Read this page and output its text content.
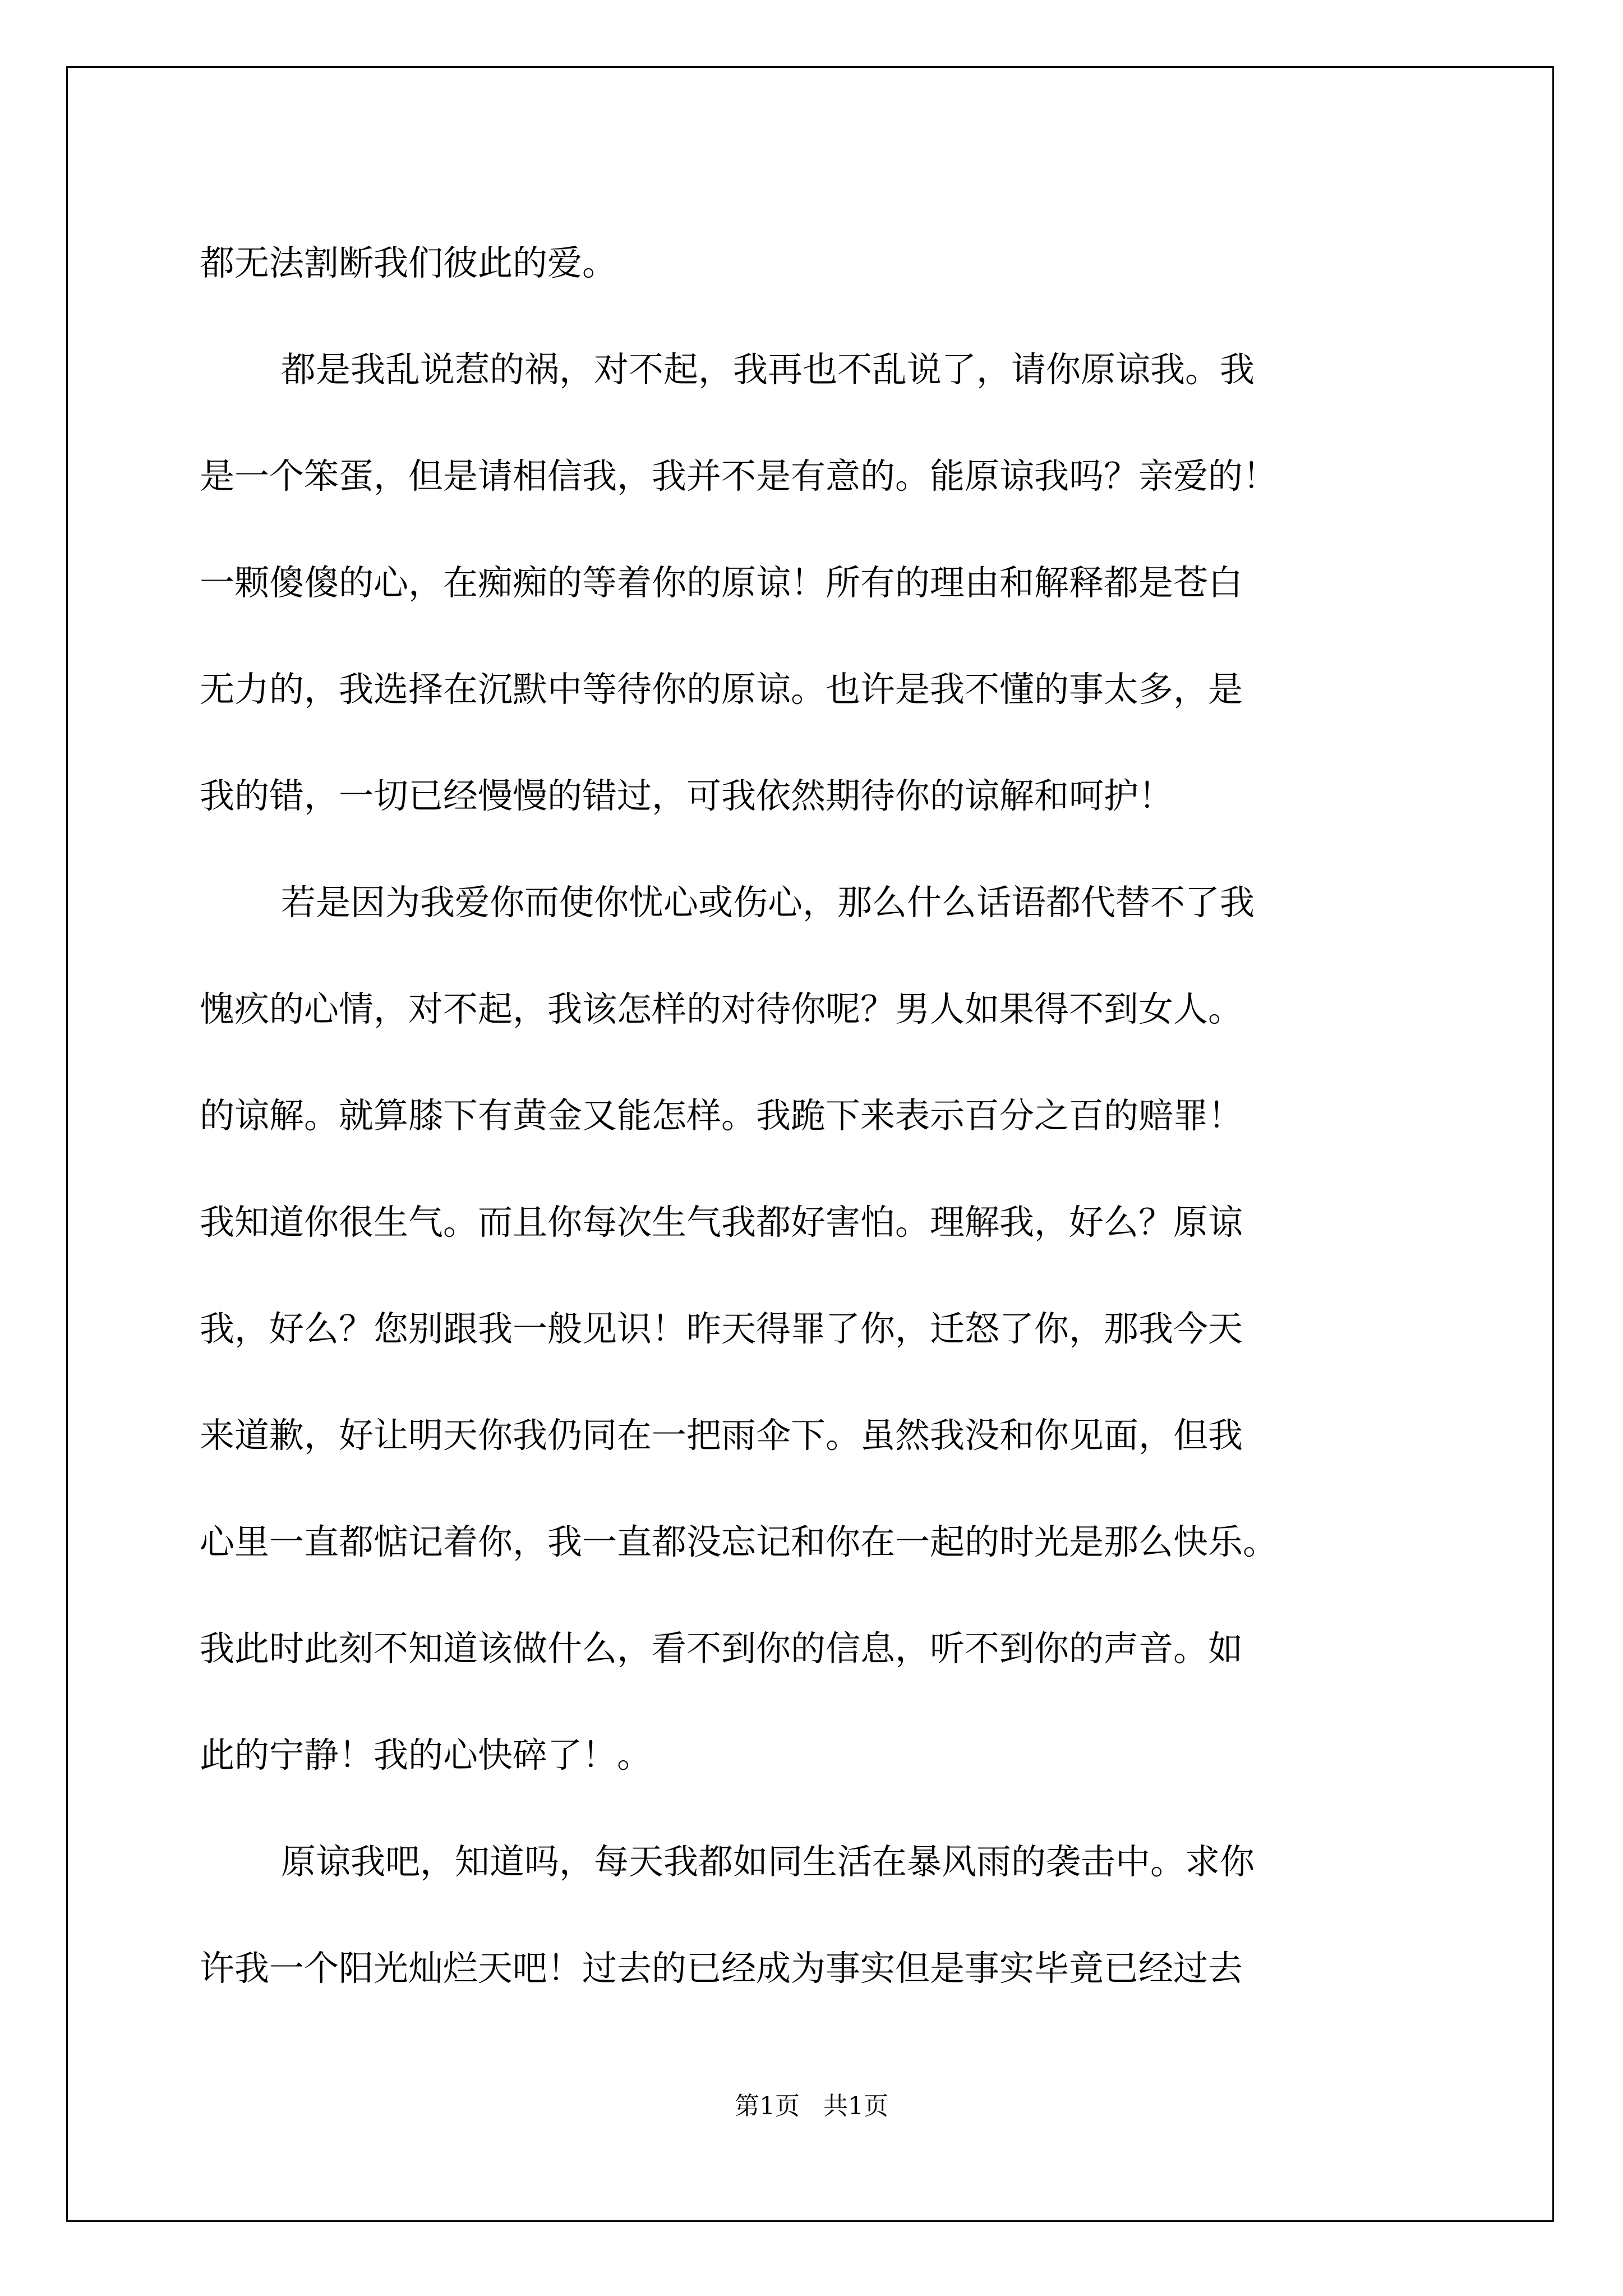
都无法割断我们彼此的爱。
都是我乱说惹的祸，对不起，我再也不乱说了，请你原谅我。我
是一个笨蛋，但是请相信我，我并不是有意的。能原谅我吗？亲爱的！
一颗傻傻的心，在痴痴的等着你的原谅！所有的理由和解释都是苍白
无力的，我选择在沉默中等待你的原谅。也许是我不懂的事太多，是
我的错，一切已经慢慢的错过，可我依然期待你的谅解和呵护！
若是因为我爱你而使你忧心或伤心，那么什么话语都代替不了我
愧疚的心情，对不起，我该怎样的对待你呢？男人如果得不到女人。
的谅解。就算膝下有黄金又能怎样。我跪下来表示百分之百的赔罪！
我知道你很生气。而且你每次生气我都好害怕。理解我，好么？原谅
我，好么？您别跟我一般见识！昨天得罪了你，迁怒了你，那我今天
来道歉，好让明天你我仍同在一把雨伞下。虽然我没和你见面，但我
心里一直都惦记着你，我一直都没忘记和你在一起的时光是那么快乐。
我此时此刻不知道该做什么，看不到你的信息，听不到你的声音。如
此的宁静！我的心快碎了！。
原谅我吧，知道吗，每天我都如同生活在暴风雨的袭击中。求你
许我一个阳光灿烂天吧！过去的已经成为事实但是事实毕竟已经过去
第1页   共1页
